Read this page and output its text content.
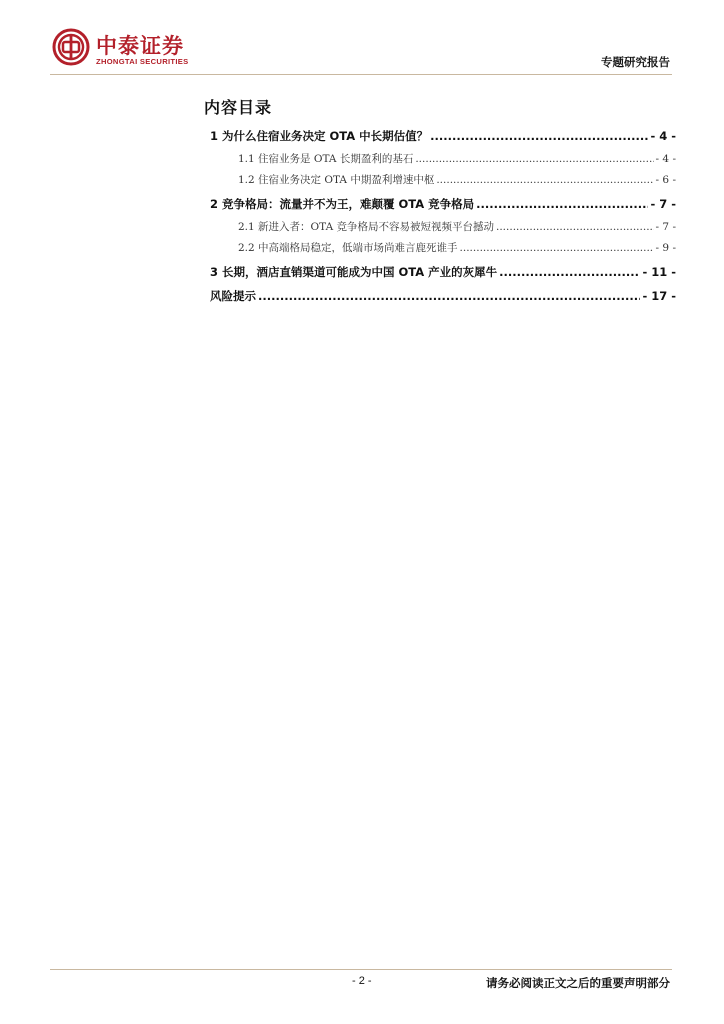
中泰证券
ZHONGTAI SECURITIES	专题研究报告
内容目录
1 为什么住宿业务决定 OTA 中长期估值？ .....	- 4 -
1.1 住宿业务是 OTA 长期盈利的基石 .....	- 4 -
1.2 住宿业务决定 OTA 中期盈利增速中枢 .....	- 6 -
2 竞争格局：流量并不为王，难颠覆 OTA 竞争格局 .....	- 7 -
2.1 新进入者：OTA 竞争格局不容易被短视频平台撼动 .....	- 7 -
2.2 中高端格局稳定，低端市场尚难言鹿死谁手 .....	- 9 -
3 长期，酒店直销渠道可能成为中国 OTA 产业的灰犀牛 .....	- 11 -
风险提示 .....	- 17 -
- 2 -	请务必阅读正文之后的重要声明部分
